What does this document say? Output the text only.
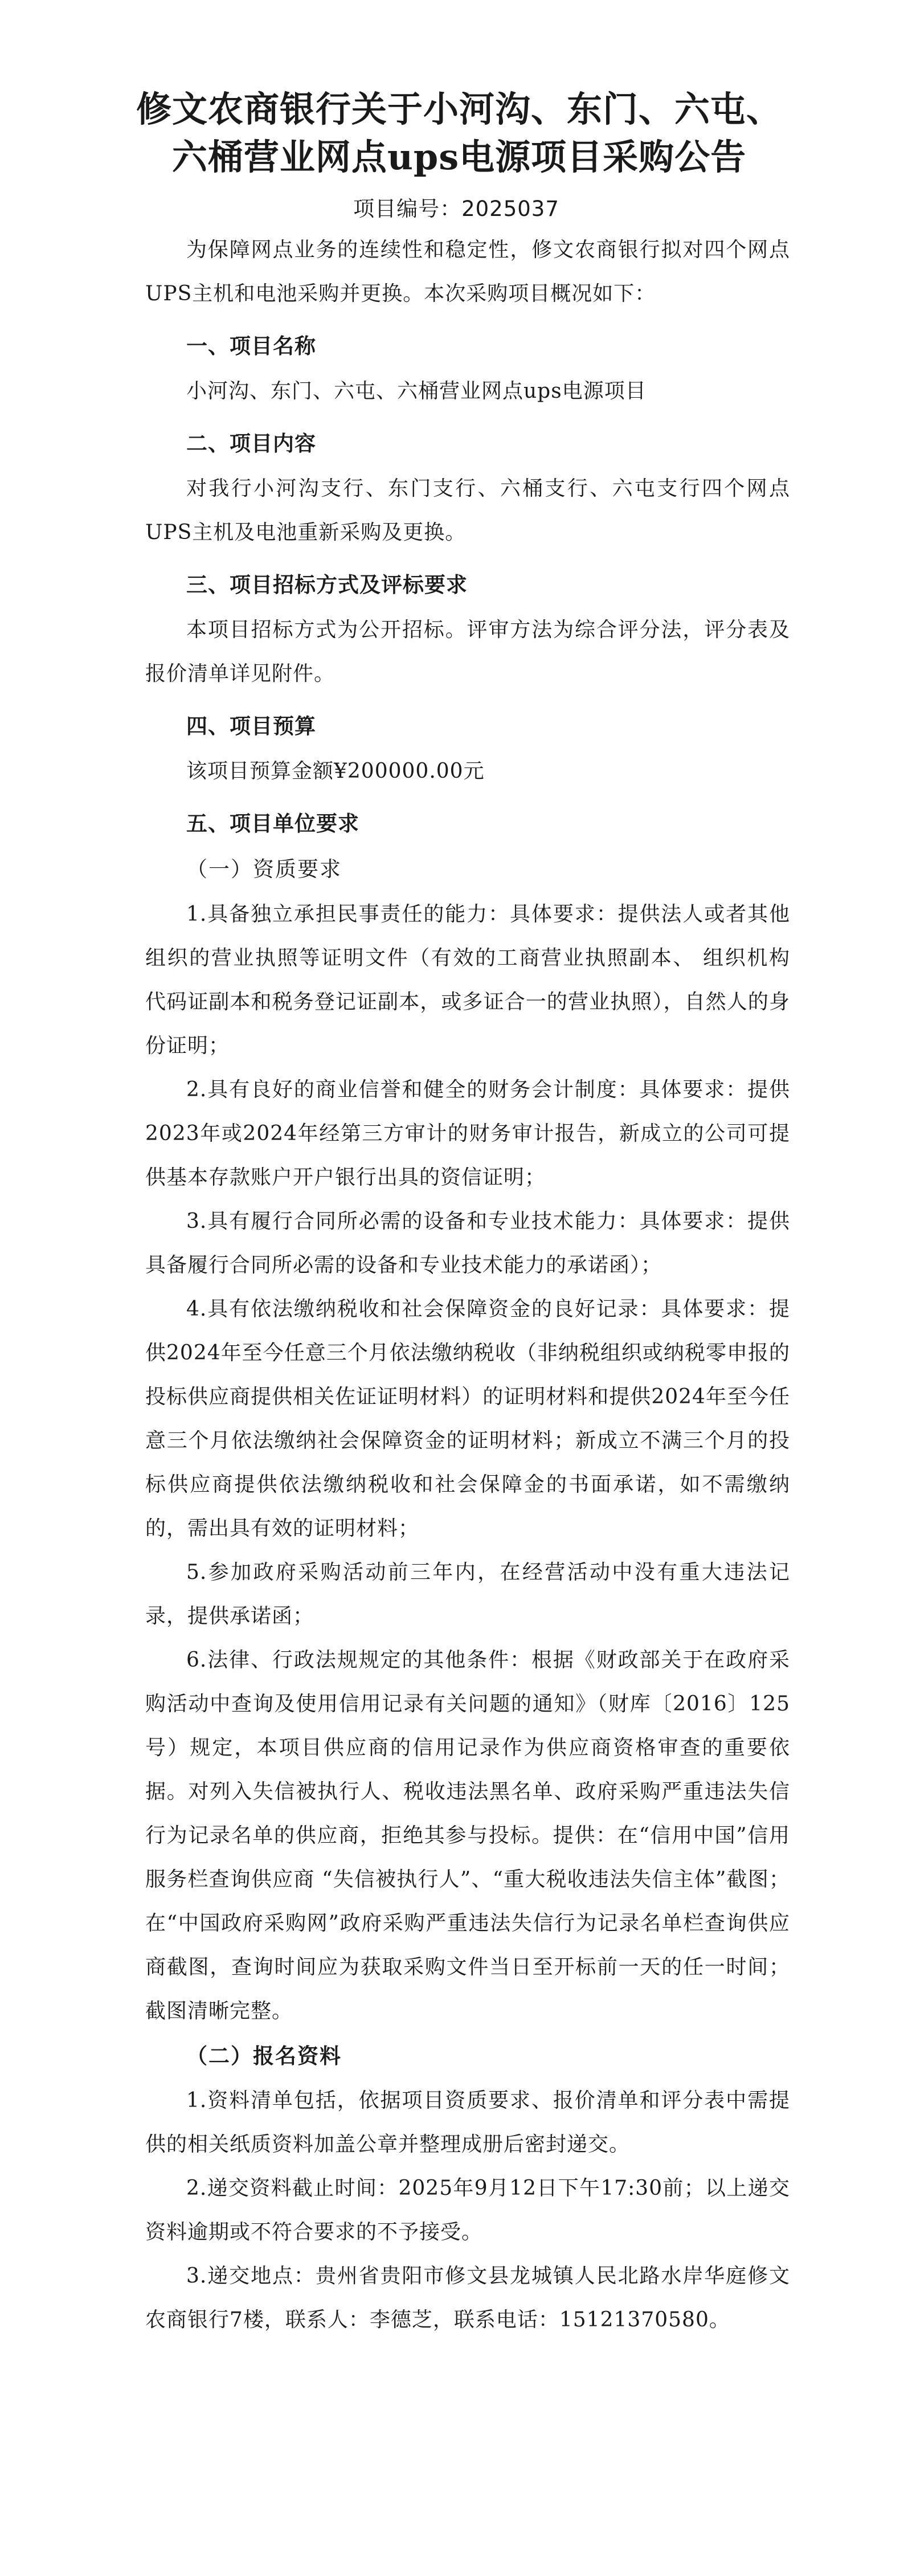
修文农商银行关于小河沟、东门、六屯、六桶营业网点ups电源项目采购公告
项目编号：2025037

为保障网点业务的连续性和稳定性，修文农商银行拟对四个网点UPS主机和电池采购并更换。本次采购项目概况如下：

一、项目名称

小河沟、东门、六屯、六桶营业网点ups电源项目

二、项目内容

对我行小河沟支行、东门支行、六桶支行、六屯支行四个网点UPS主机及电池重新采购及更换。

三、项目招标方式及评标要求

本项目招标方式为公开招标。评审方法为综合评分法，评分表及报价清单详见附件。

四、项目预算

该项目预算金额¥200000.00元

五、项目单位要求
（一）资质要求

1.具备独立承担民事责任的能力：具体要求：提供法人或者其他组织的营业执照等证明文件（有效的工商营业执照副本、 组织机构 代码证副本和税务登记证副本，或多证合一的营业执照），自然人的身份证明；

2.具有良好的商业信誉和健全的财务会计制度：具体要求：提供2023年或2024年经第三方审计的财务审计报告，新成立的公司可提供基本存款账户开户银行出具的资信证明；

3.具有履行合同所必需的设备和专业技术能力：具体要求：提供具备履行合同所必需的设备和专业技术能力的承诺函）；

4.具有依法缴纳税收和社会保障资金的良好记录：具体要求：提供2024年至今任意三个月依法缴纳税收（非纳税组织或纳税零申报的投标供应商提供相关佐证证明材料）的证明材料和提供2024年至今任意三个月依法缴纳社会保障资金的证明材料；新成立不满三个月的投标供应商提供依法缴纳税收和社会保障金的书面承诺，如不需缴纳的，需出具有效的证明材料；

5.参加政府采购活动前三年内，在经营活动中没有重大违法记录，提供承诺函；

6.法律、行政法规规定的其他条件：根据《财政部关于在政府采购活动中查询及使用信用记录有关问题的通知》（财库〔2016〕125 号）规定，本项目供应商的信用记录作为供应商资格审查的重要依据。对列入失信被执行人、税收违法黑名单、政府采购严重违法失信行为记录名单的供应商，拒绝其参与投标。提供：在“信用中国”信用服务栏查询供应商 “失信被执行人”、“重大税收违法失信主体”截图；在“中国政府采购网”政府采购严重违法失信行为记录名单栏查询供应商截图，查询时间应为获取采购文件当日至开标前一天的任一时间；截图清晰完整。

（二）报名资料

1.资料清单包括，依据项目资质要求、报价清单和评分表中需提供的相关纸质资料加盖公章并整理成册后密封递交。

2.递交资料截止时间：2025年9月12日下午17:30前；以上递交资料逾期或不符合要求的不予接受。

3.递交地点：贵州省贵阳市修文县龙城镇人民北路水岸华庭修文农商银行7楼，联系人：李德芝，联系电话：15121370580。
